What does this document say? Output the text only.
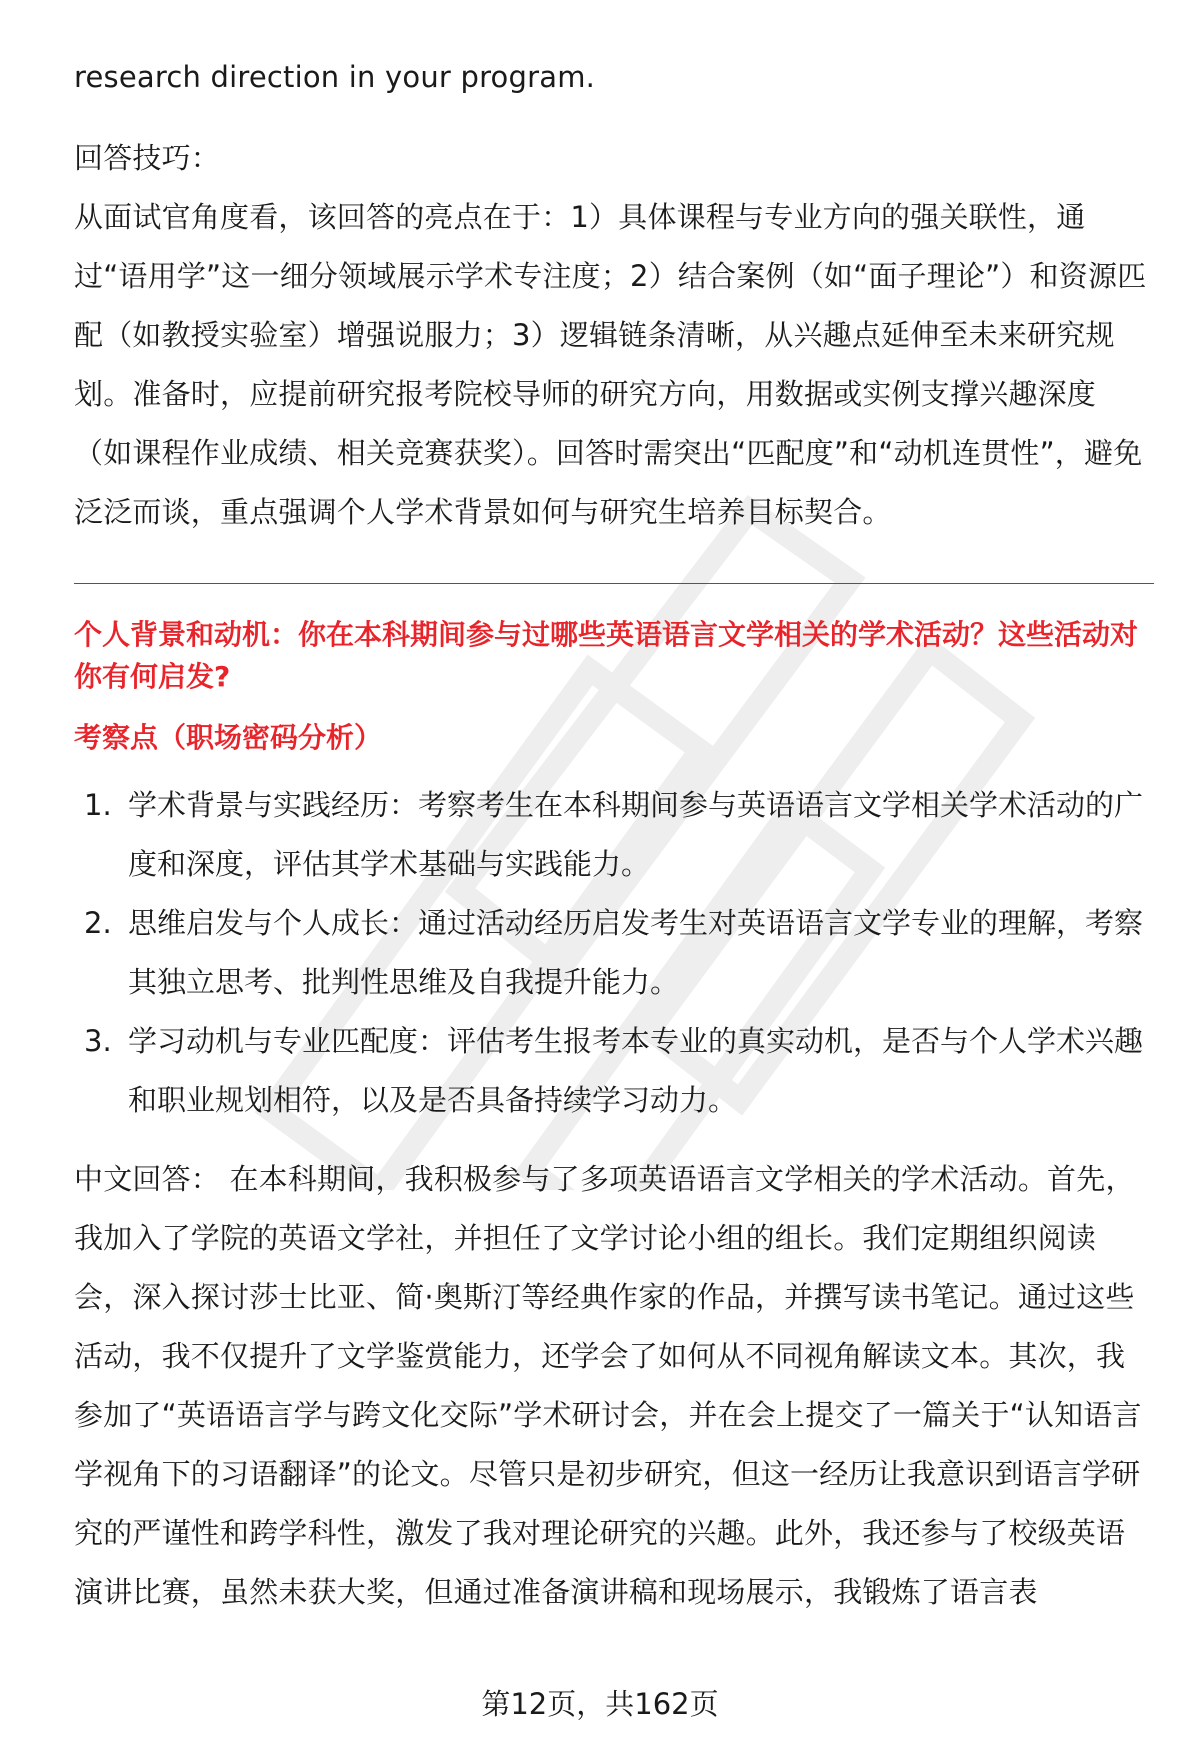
research direction in your program.

回答技巧：

从面试官角度看，该回答的亮点在于：1）具体课程与专业方向的强关联性，通过“语用学”这一细分领域展示学术专注度；2）结合案例（如“面子理论”）和资源匹配（如教授实验室）增强说服力；3）逻辑链条清晰，从兴趣点延伸至未来研究规划。准备时，应提前研究报考院校导师的研究方向，用数据或实例支撑兴趣深度（如课程作业成绩、相关竞赛获奖）。回答时需突出“匹配度”和“动机连贯性”，避免泛泛而谈，重点强调个人学术背景如何与研究生培养目标契合。

个人背景和动机：你在本科期间参与过哪些英语语言文学相关的学术活动？这些活动对你有何启发?

考察点（职场密码分析）

1. 学术背景与实践经历：考察考生在本科期间参与英语语言文学相关学术活动的广度和深度，评估其学术基础与实践能力。
2. 思维启发与个人成长：通过活动经历启发考生对英语语言文学专业的理解，考察其独立思考、批判性思维及自我提升能力。
3. 学习动机与专业匹配度：评估考生报考本专业的真实动机，是否与个人学术兴趣和职业规划相符，以及是否具备持续学习动力。

中文回答： 在本科期间，我积极参与了多项英语语言文学相关的学术活动。首先，我加入了学院的英语文学社，并担任了文学讨论小组的组长。我们定期组织阅读会，深入探讨莎士比亚、简·奥斯汀等经典作家的作品，并撰写读书笔记。通过这些活动，我不仅提升了文学鉴赏能力，还学会了如何从不同视角解读文本。其次，我参加了“英语语言学与跨文化交际”学术研讨会，并在会上提交了一篇关于“认知语言学视角下的习语翻译”的论文。尽管只是初步研究，但这一经历让我意识到语言学研究的严谨性和跨学科性，激发了我对理论研究的兴趣。此外，我还参与了校级英语演讲比赛，虽然未获大奖，但通过准备演讲稿和现场展示，我锻炼了语言表

第12页，共162页
